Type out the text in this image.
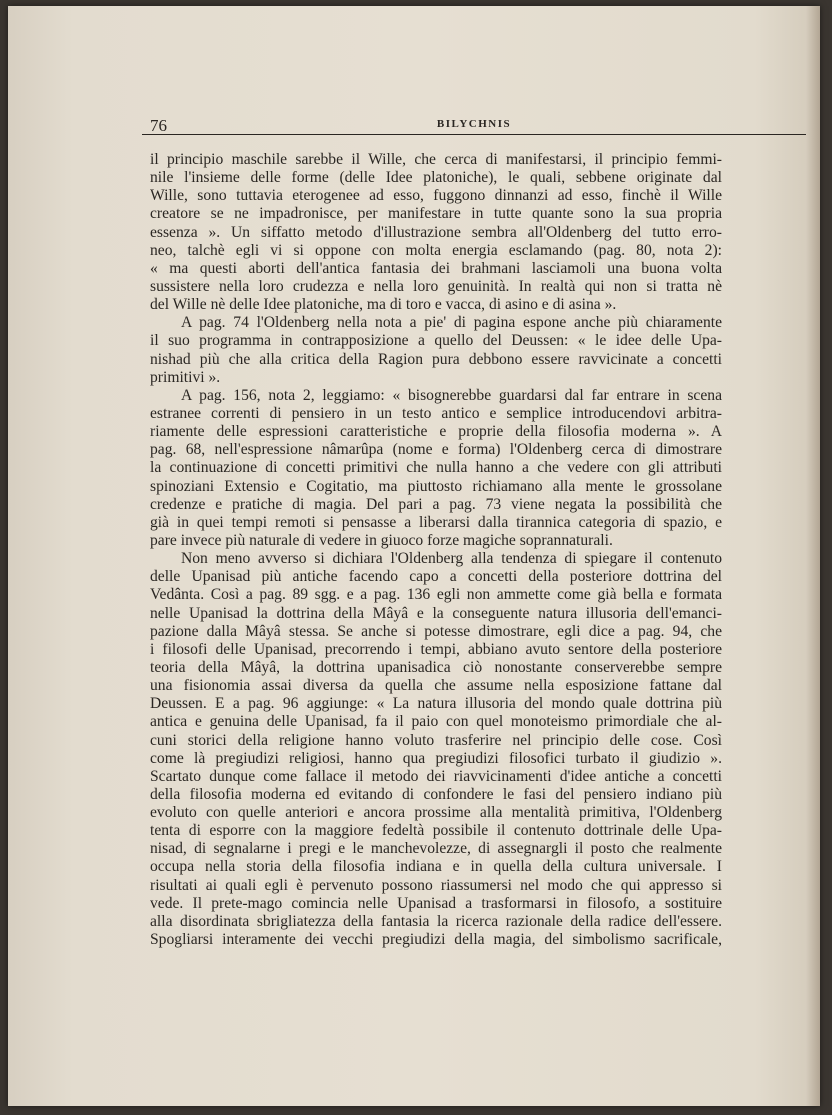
76	BILYCHNIS
il principio maschile sarebbe il Wille, che cerca di manifestarsi, il principio femmi-
nile l'insieme delle forme (delle Idee platoniche), le quali, sebbene originate dal
Wille, sono tuttavia eterogenee ad esso, fuggono dinnanzi ad esso, finchè il Wille
creatore se ne impadronisce, per manifestare in tutte quante sono la sua propria
essenza ». Un siffatto metodo d'illustrazione sembra all'Oldenberg del tutto erro-
neo, talchè egli vi si oppone con molta energia esclamando (pag. 80, nota 2):
« ma questi aborti dell'antica fantasia dei brahmani lasciamoli una buona volta
sussistere nella loro crudezza e nella loro genuinità. In realtà qui non si tratta nè
del Wille nè delle Idee platoniche, ma di toro e vacca, di asino e di asina ».
A pag. 74 l'Oldenberg nella nota a pie' di pagina espone anche più chiaramente
il suo programma in contrapposizione a quello del Deussen: « le idee delle Upa-
nishad più che alla critica della Ragion pura debbono essere ravvicinate a concetti
primitivi ».
A pag. 156, nota 2, leggiamo: « bisognerebbe guardarsi dal far entrare in scena
estranee correnti di pensiero in un testo antico e semplice introducendovi arbitra-
riamente delle espressioni caratteristiche e proprie della filosofia moderna ». A
pag. 68, nell'espressione nâmarûpa (nome e forma) l'Oldenberg cerca di dimostrare
la continuazione di concetti primitivi che nulla hanno a che vedere con gli attributi
spinoziani Extensio e Cogitatio, ma piuttosto richiamano alla mente le grossolane
credenze e pratiche di magia. Del pari a pag. 73 viene negata la possibilità che
già in quei tempi remoti si pensasse a liberarsi dalla tirannica categoria di spazio, e
pare invece più naturale di vedere in giuoco forze magiche soprannaturali.
Non meno avverso si dichiara l'Oldenberg alla tendenza di spiegare il contenuto
delle Upanisad più antiche facendo capo a concetti della posteriore dottrina del
Vedânta. Così a pag. 89 sgg. e a pag. 136 egli non ammette come già bella e formata
nelle Upanisad la dottrina della Mâyâ e la conseguente natura illusoria dell'emanci-
pazione dalla Mâyâ stessa. Se anche si potesse dimostrare, egli dice a pag. 94, che
i filosofi delle Upanisad, precorrendo i tempi, abbiano avuto sentore della posteriore
teoria della Mâyâ, la dottrina upanisadica ciò nonostante conserverebbe sempre
una fisionomia assai diversa da quella che assume nella esposizione fattane dal
Deussen. E a pag. 96 aggiunge: « La natura illusoria del mondo quale dottrina più
antica e genuina delle Upanisad, fa il paio con quel monoteismo primordiale che al-
cuni storici della religione hanno voluto trasferire nel principio delle cose. Così
come là pregiudizi religiosi, hanno qua pregiudizi filosofici turbato il giudizio ».
Scartato dunque come fallace il metodo dei riavvicinamenti d'idee antiche a concetti
della filosofia moderna ed evitando di confondere le fasi del pensiero indiano più
evoluto con quelle anteriori e ancora prossime alla mentalità primitiva, l'Oldenberg
tenta di esporre con la maggiore fedeltà possibile il contenuto dottrinale delle Upa-
nisad, di segnalarne i pregi e le manchevolezze, di assegnargli il posto che realmente
occupa nella storia della filosofia indiana e in quella della cultura universale. I
risultati ai quali egli è pervenuto possono riassumersi nel modo che qui appresso si
vede. Il prete-mago comincia nelle Upanisad a trasformarsi in filosofo, a sostituire
alla disordinata sbrigliatezza della fantasia la ricerca razionale della radice dell'essere.
Spogliarsi interamente dei vecchi pregiudizi della magia, del simbolismo sacrificale,
